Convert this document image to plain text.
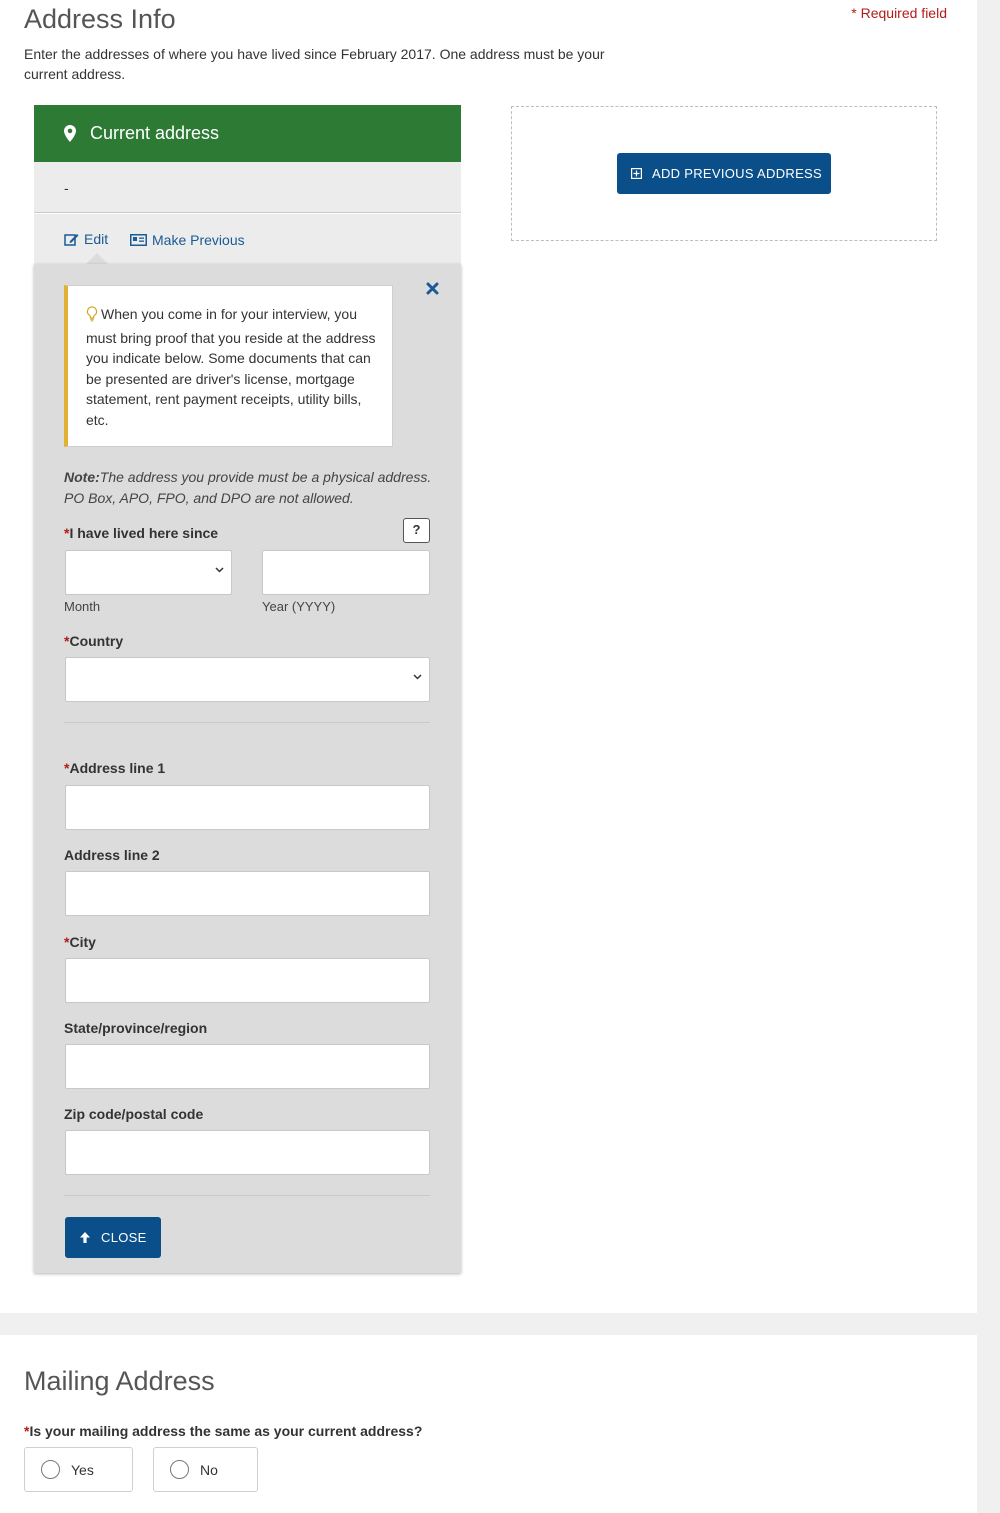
Address Info	* Required field

Enter the addresses of where you have lived since February 2017. One address must be your current address.

Current address
-
Edit
	Make Previous
ADD PREVIOUS ADDRESS
When you come in for your interview, you must bring proof that you reside at the address you indicate below. Some documents that can be presented are driver's license, mortgage statement, rent payment receipts, utility bills, etc.
Note:The address you provide must be a physical address. PO Box, APO, FPO, and DPO are not allowed.
*I have lived here since	?
Month	Year (YYYY)
*Country
*Address line 1
Address line 2
*City
State/province/region
Zip code/postal code
CLOSE
Mailing Address
*Is your mailing address the same as your current address?
Yes	No
